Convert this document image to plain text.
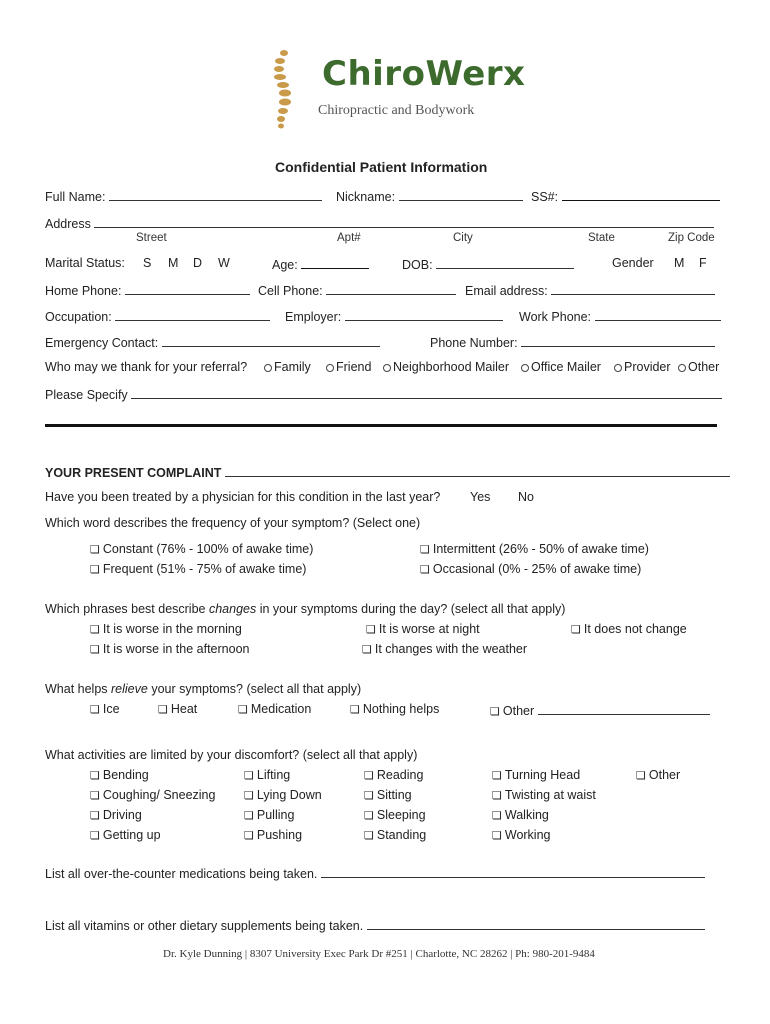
ChiroWerx
Chiropractic and Bodywork
Confidential Patient Information
Full Name:	Nickname:	SS#:
Address
Street	Apt#	City	State	Zip Code
Marital Status: S M D W	Age:	DOB:	Gender M F
Home Phone:	Cell Phone:	Email address:
Occupation:	Employer:	Work Phone:
Emergency Contact:	Phone Number:
Who may we thank for your referral?	Family	Friend	Neighborhood Mailer	Office Mailer	Provider	Other
Please Specify
YOUR PRESENT COMPLAINT
Have you been treated by a physician for this condition in the last year? Yes No
Which word describes the frequency of your symptom? (Select one)
❏ Constant (76% - 100% of awake time)	❏ Intermittent (26% - 50% of awake time)
❏ Frequent (51% - 75% of awake time)	❏ Occasional (0% - 25% of awake time)
Which phrases best describe changes in your symptoms during the day? (select all that apply)
❏ It is worse in the morning	❏ It is worse at night	❏ It does not change
❏ It is worse in the afternoon	❏ It changes with the weather
What helps relieve your symptoms? (select all that apply)
❏ Ice	❏ Heat	❏ Medication	❏ Nothing helps	❏ Other
What activities are limited by your discomfort? (select all that apply)
❏ Bending	❏ Lifting	❏ Reading	❏ Turning Head	❏ Other
❏ Coughing/ Sneezing	❏ Lying Down	❏ Sitting	❏ Twisting at waist
❏ Driving	❏ Pulling	❏ Sleeping	❏ Walking
❏ Getting up	❏ Pushing	❏ Standing	❏ Working
List all over-the-counter medications being taken.
List all vitamins or other dietary supplements being taken.
Dr. Kyle Dunning | 8307 University Exec Park Dr #251 | Charlotte, NC 28262 | Ph: 980-201-9484
